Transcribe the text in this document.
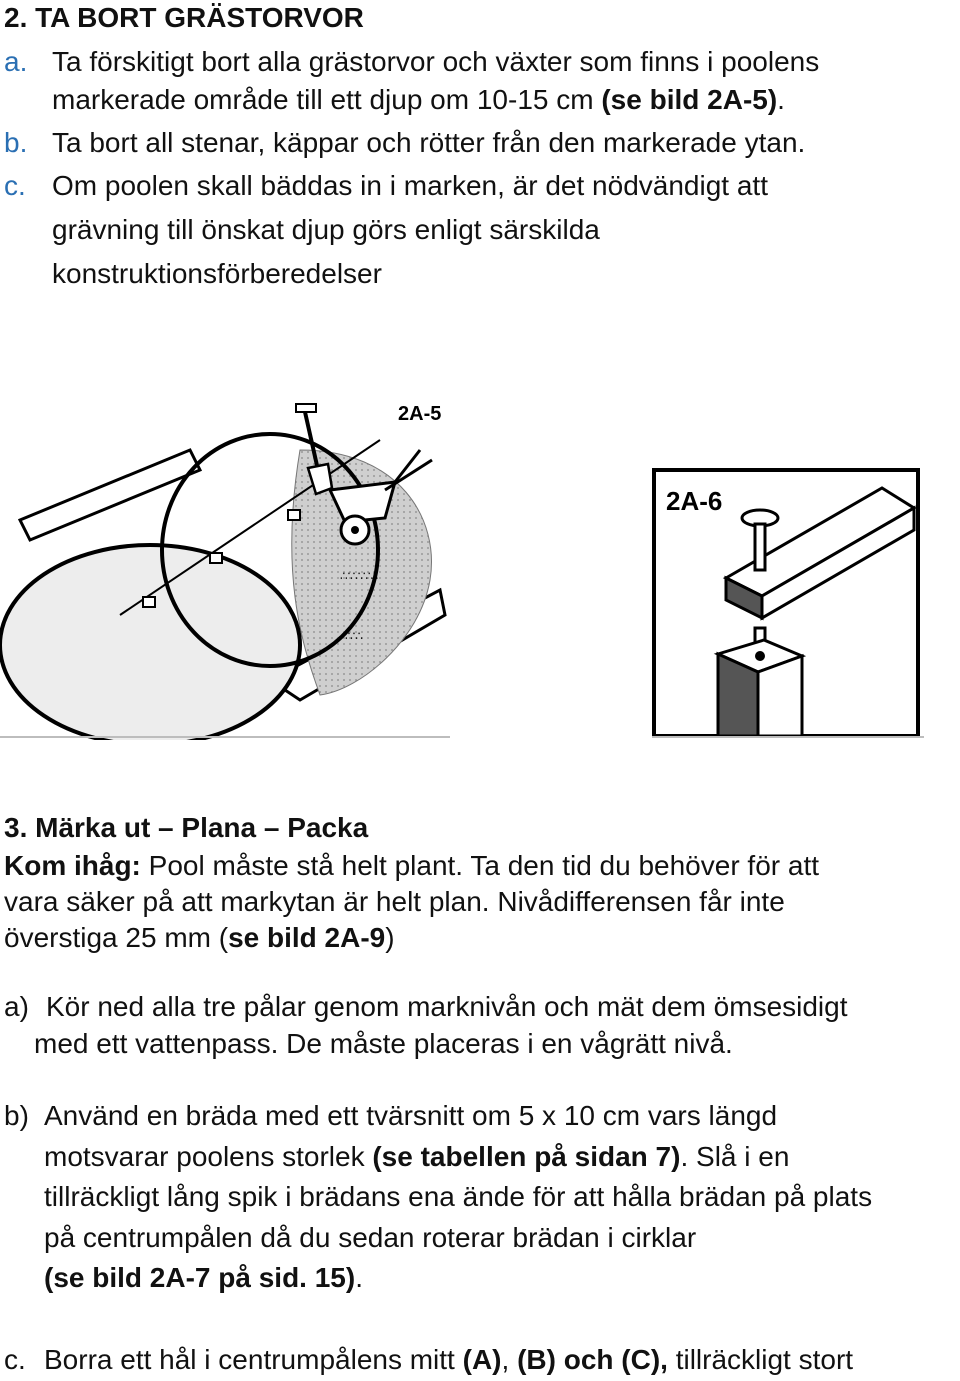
2. TA BORT GRÄSTORVOR
a. Ta förskitigt bort alla grästorvor och växter som finns i poolens
markerade område till ett djup om 10-15 cm (se bild 2A-5).
b. Ta bort all stenar, käppar och rötter från den markerade ytan.
c. Om poolen skall bäddas in i marken, är det nödvändigt att
grävning till önskat djup görs enligt särskilda
konstruktionsförberedelser
2A-5
∴∵∴∵∴
∴∵∴
2A-6
3. Märka ut – Plana – Packa
Kom ihåg: Pool måste stå helt plant. Ta den tid du behöver för att
vara säker på att markytan är helt plan. Nivådifferensen får inte
överstiga 25 mm (se bild 2A-9)
a) Kör ned alla tre pålar genom marknivån och mät dem ömsesidigt
med ett vattenpass. De måste placeras i en vågrätt nivå.
b) Använd en bräda med ett tvärsnitt om 5 x 10 cm vars längd
motsvarar poolens storlek (se tabellen på sidan 7). Slå i en
tillräckligt lång spik i brädans ena ände för att hålla brädan på plats
på centrumpålen då du sedan roterar brädan i cirklar
(se bild 2A-7 på sid. 15).
c. Borra ett hål i centrumpålens mitt (A), (B) och (C), tillräckligt stort
